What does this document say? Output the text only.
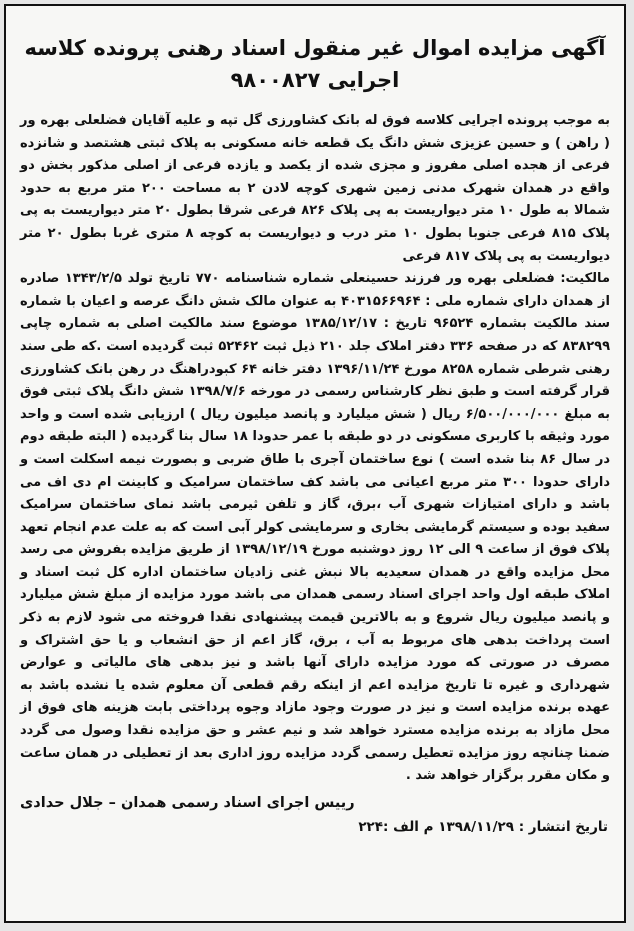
آگهی مزایده اموال غیر منقول اسناد رهنی پرونده کلاسه اجرایی ۹۸۰۰۸۲۷

به موجب پرونده اجرایی کلاسه فوق له بانک کشاورزی گل تپه و علیه آقایان فضلعلی بهره ور ( راهن ) و حسین عزیزی شش دانگ یک قطعه خانه مسکونی به پلاک ثبتی هشتصد و شانزده فرعی از هجده اصلی مفروز و مجزی شده از یکصد و یازده فرعی از اصلی مذکور بخش دو واقع در همدان شهرک مدنی زمین شهری کوچه لادن ۲ به مساحت ۲۰۰ متر مربع به حدود شمالا به طول ۱۰ متر دیواریست به پی پلاک ۸۲۶ فرعی شرقا بطول ۲۰ متر دیواریست به پی پلاک ۸۱۵ فرعی جنوبا بطول ۱۰ متر درب و دیواریست به کوچه ۸ متری غربا بطول ۲۰ متر دیواریست به پی پلاک ۸۱۷ فرعی

مالکیت: فضلعلی بهره ور فرزند حسینعلی شماره شناسنامه ۷۷۰ تاریخ تولد ۱۳۴۳/۲/۵ صادره از همدان دارای شماره ملی : ۴۰۳۱۵۶۶۹۶۴ به عنوان مالک شش دانگ عرصه و اعیان با شماره سند مالکیت بشماره ۹۶۵۲۴ تاریخ : ۱۳۸۵/۱۲/۱۷ موضوع سند مالکیت اصلی به شماره چاپی ۸۳۸۲۹۹ که در صفحه ۳۳۶ دفتر املاک جلد ۲۱۰ ذیل ثبت ۵۲۴۶۲ ثبت گردیده است .که طی سند رهنی شرطی شماره ۸۲۵۸ مورخ ۱۳۹۶/۱۱/۲۴ دفتر خانه ۶۴ کبودراهنگ در رهن بانک کشاورزی قرار گرفته است و طبق نظر کارشناس رسمی در مورخه ۱۳۹۸/۷/۶ شش دانگ پلاک ثبتی فوق به مبلغ ۶/۵۰۰/۰۰۰/۰۰۰ ریال ( شش میلیارد و پانصد میلیون ریال ) ارزیابی شده است و واحد مورد وثیقه با کاربری مسکونی در دو طبقه با عمر حدودا ۱۸ سال بنا گردیده ( البته طبقه دوم در سال ۸۶ بنا شده است ) نوع ساختمان آجری با طاق ضربی و بصورت نیمه اسکلت است و دارای حدودا ۳۰۰ متر مربع اعیانی می باشد کف ساختمان سرامیک و کابینت ام دی اف می باشد و دارای امتیازات شهری آب ،برق، گاز و تلفن ثیرمی باشد نمای ساختمان سرامیک سفید بوده و سیستم گرمایشی بخاری و سرمایشی کولر آبی است که به علت عدم انجام تعهد پلاک فوق از ساعت ۹ الی ۱۲ روز دوشنبه مورخ ۱۳۹۸/۱۲/۱۹ از طریق مزایده بفروش می رسد محل مزایده واقع در همدان سعیدیه بالا نبش غنی زادیان ساختمان اداره کل ثبت اسناد و املاک طبقه اول واحد اجرای اسناد رسمی همدان می باشد مورد مزایده از مبلغ شش میلیارد و پانصد میلیون ریال شروع و به بالاترین قیمت پیشنهادی نقدا فروخته می شود لازم به ذکر است پرداخت بدهی های مربوط به آب ، برق، گاز اعم از حق انشعاب و یا حق اشتراک و مصرف در صورتی که مورد مزایده دارای آنها باشد و نیز بدهی های مالیاتی و عوارض شهرداری و غیره تا تاریخ مزایده اعم از اینکه رقم قطعی آن معلوم شده یا نشده باشد به عهده برنده مزایده است و نیز در صورت وجود مازاد وجوه پرداختی بابت هزینه های فوق از محل مازاد به برنده مزایده مسترد خواهد شد و نیم عشر و حق مزایده نقدا وصول می گردد ضمنا چنانچه روز مزایده تعطیل رسمی گردد مزایده روز اداری بعد از تعطیلی در همان ساعت و مکان مقرر برگزار خواهد شد .

رییس اجرای اسناد رسمی همدان – جلال حدادی
تاریخ انتشار : ۱۳۹۸/۱۱/۲۹ م الف :۲۲۴
